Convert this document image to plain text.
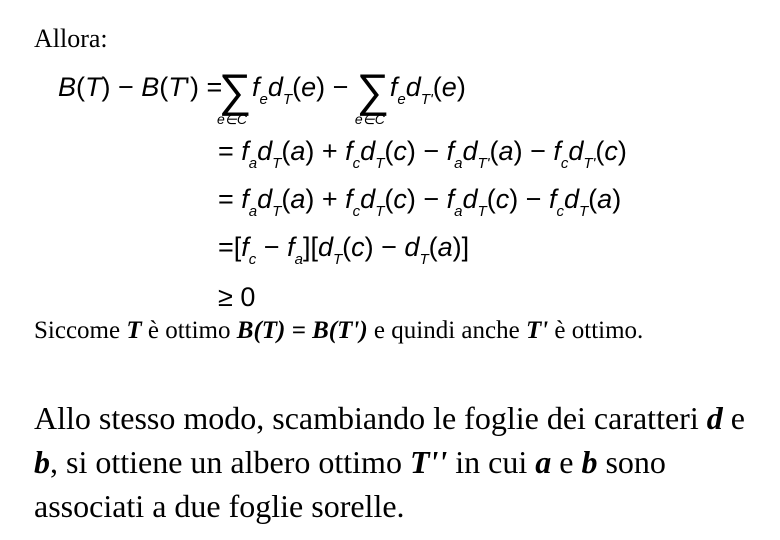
Allora:
B(T) − B(T') =
∑
e∈C
$f_ed_T(e)$ − ∑
e∈C
$f_ed_{T'}(e)$
= $f_ad_T(a) + f_cd_T(c) - f_ad_{T'}(a) - f_cd_{T'}(c)$
= $f_ad_T(a) + f_cd_T(c) - f_ad_T(c) - f_cd_T(a)$
$=[f_c - f_a][d_T(c) - d_T(a)]$
≥ 0
Siccome T è ottimo B(T) = B(T') e quindi anche T' è ottimo.
Allo stesso modo, scambiando le foglie dei caratteri d e b, si ottiene un albero ottimo T'' in cui a e b sono associati a due foglie sorelle.
